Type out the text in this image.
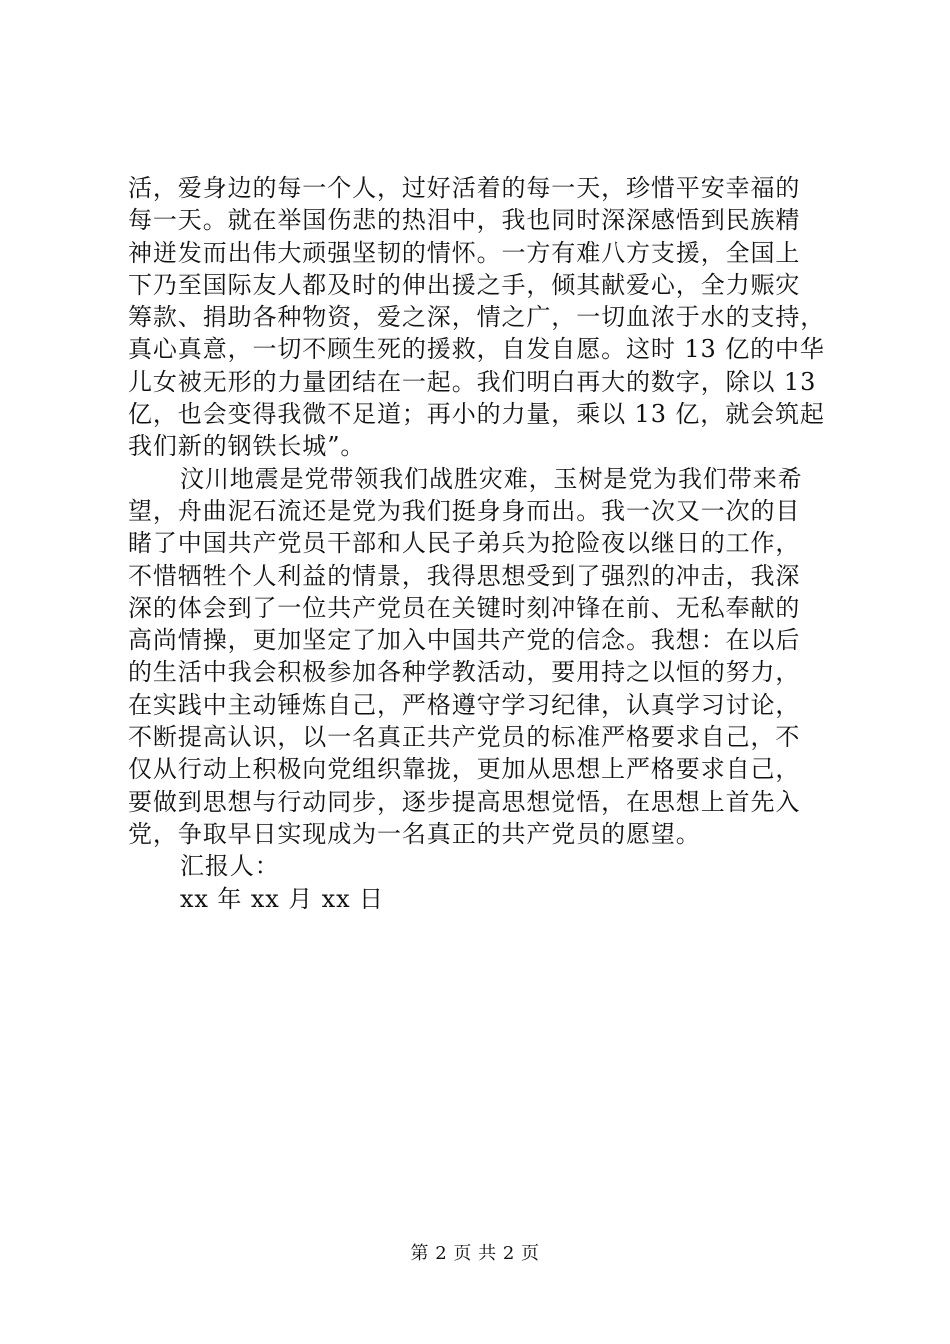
活，爱身边的每一个人，过好活着的每一天，珍惜平安幸福的
每一天。就在举国伤悲的热泪中，我也同时深深感悟到民族精
神迸发而出伟大顽强坚韧的情怀。一方有难八方支援，全国上
下乃至国际友人都及时的伸出援之手，倾其献爱心，全力赈灾
筹款、捐助各种物资，爱之深，情之广，一切血浓于水的支持，
真心真意，一切不顾生死的援救，自发自愿。这时 13 亿的中华
儿女被无形的力量团结在一起。我们明白再大的数字，除以 13
亿，也会变得我微不足道；再小的力量，乘以 13 亿，就会筑起
我们新的钢铁长城”。
汶川地震是党带领我们战胜灾难，玉树是党为我们带来希
望，舟曲泥石流还是党为我们挺身身而出。我一次又一次的目
睹了中国共产党员干部和人民子弟兵为抢险夜以继日的工作，
不惜牺牲个人利益的情景，我得思想受到了强烈的冲击，我深
深的体会到了一位共产党员在关键时刻冲锋在前、无私奉献的
高尚情操，更加坚定了加入中国共产党的信念。我想：在以后
的生活中我会积极参加各种学教活动，要用持之以恒的努力，
在实践中主动锤炼自己，严格遵守学习纪律，认真学习讨论，
不断提高认识，以一名真正共产党员的标准严格要求自己，不
仅从行动上积极向党组织靠拢，更加从思想上严格要求自己，
要做到思想与行动同步，逐步提高思想觉悟，在思想上首先入
党，争取早日实现成为一名真正的共产党员的愿望。
汇报人：
xx 年 xx 月 xx 日
第 2 页 共 2 页
